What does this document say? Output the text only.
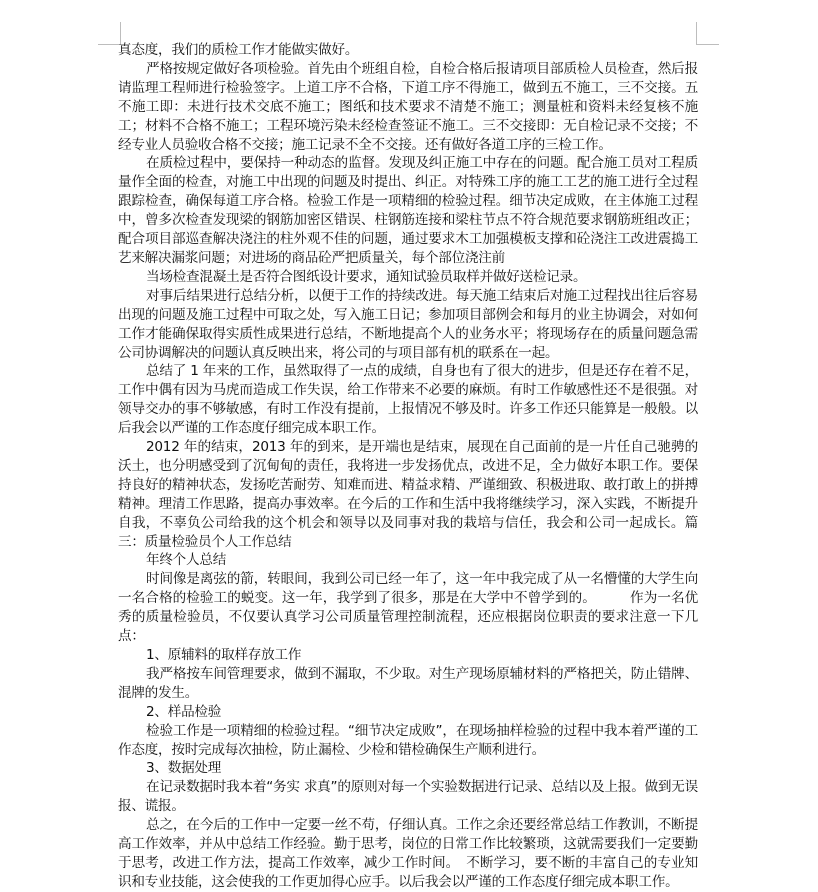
真态度，我们的质检工作才能做实做好。

严格按规定做好各项检验。首先由个班组自检，自检合格后报请项目部质检人员检查，然后报请监理工程师进行检验签字。上道工序不合格，下道工序不得施工，做到五不施工，三不交接。五不施工即：未进行技术交底不施工；图纸和技术要求不清楚不施工；测量桩和资料未经复核不施工；材料不合格不施工；工程环境污染未经检查签证不施工。三不交接即：无自检记录不交接；不经专业人员验收合格不交接；施工记录不全不交接。还有做好各道工序的三检工作。

在质检过程中，要保持一种动态的监督。发现及纠正施工中存在的问题。配合施工员对工程质量作全面的检查，对施工中出现的问题及时提出、纠正。对特殊工序的施工工艺的施工进行全过程跟踪检查，确保每道工序合格。检验工作是一项精细的检验过程。细节决定成败，在主体施工过程中，曾多次检查发现梁的钢筋加密区错误、柱钢筋连接和梁柱节点不符合规范要求钢筋班组改正；配合项目部巡查解决浇注的柱外观不佳的问题，通过要求木工加强模板支撑和砼浇注工改进震捣工艺来解决漏浆问题；对进场的商品砼严把质量关，每个部位浇注前

当场检查混凝土是否符合图纸设计要求，通知试验员取样并做好送检记录。

对事后结果进行总结分析，以便于工作的持续改进。每天施工结束后对施工过程找出往后容易出现的问题及施工过程中可取之处，写入施工日记；参加项目部例会和每月的业主协调会，对如何工作才能确保取得实质性成果进行总结，不断地提高个人的业务水平；将现场存在的质量问题急需公司协调解决的问题认真反映出来，将公司的与项目部有机的联系在一起。

总结了 1 年来的工作，虽然取得了一点的成绩，自身也有了很大的进步，但是还存在着不足，工作中偶有因为马虎而造成工作失误，给工作带来不必要的麻烦。有时工作敏感性还不是很强。对领导交办的事不够敏感，有时工作没有提前，上报情况不够及时。许多工作还只能算是一般般。以后我会以严谨的工作态度仔细完成本职工作。

2012 年的结束，2013 年的到来，是开端也是结束，展现在自己面前的是一片任自己驰骋的沃土，也分明感受到了沉甸甸的责任，我将进一步发扬优点，改进不足，全力做好本职工作。要保持良好的精神状态，发扬吃苦耐劳、知难而进、精益求精、严谨细致、积极进取、敢打敢上的拼搏精神。理清工作思路，提高办事效率。在今后的工作和生活中我将继续学习，深入实践，不断提升自我，不辜负公司给我的这个机会和领导以及同事对我的栽培与信任，我会和公司一起成长。篇三：质量检验员个人工作总结

年终个人总结

时间像是离弦的箭，转眼间，我到公司已经一年了，这一年中我完成了从一名懵懂的大学生向一名合格的检验工的蜕变。这一年，我学到了很多，那是在大学中不曾学到的。　　　作为一名优秀的质量检验员，不仅要认真学习公司质量管理控制流程，还应根据岗位职责的要求注意一下几点：

1、原辅料的取样存放工作

我严格按车间管理要求，做到不漏取，不少取。对生产现场原辅材料的严格把关，防止错牌、混牌的发生。

2、样品检验

检验工作是一项精细的检验过程。“细节决定成败”，在现场抽样检验的过程中我本着严谨的工作态度，按时完成每次抽检，防止漏检、少检和错检确保生产顺利进行。

3、数据处理

在记录数据时我本着“务实 求真”的原则对每一个实验数据进行记录、总结以及上报。做到无误报、谎报。

总之，在今后的工作中一定要一丝不苟，仔细认真。工作之余还要经常总结工作教训，不断提高工作效率，并从中总结工作经验。勤于思考，岗位的日常工作比较繁琐，这就需要我们一定要勤于思考，改进工作方法，提高工作效率，减少工作时间。　不断学习，要不断的丰富自己的专业知识和专业技能，这会使我的工作更加得心应手。以后我会以严谨的工作态度仔细完成本职工作。
